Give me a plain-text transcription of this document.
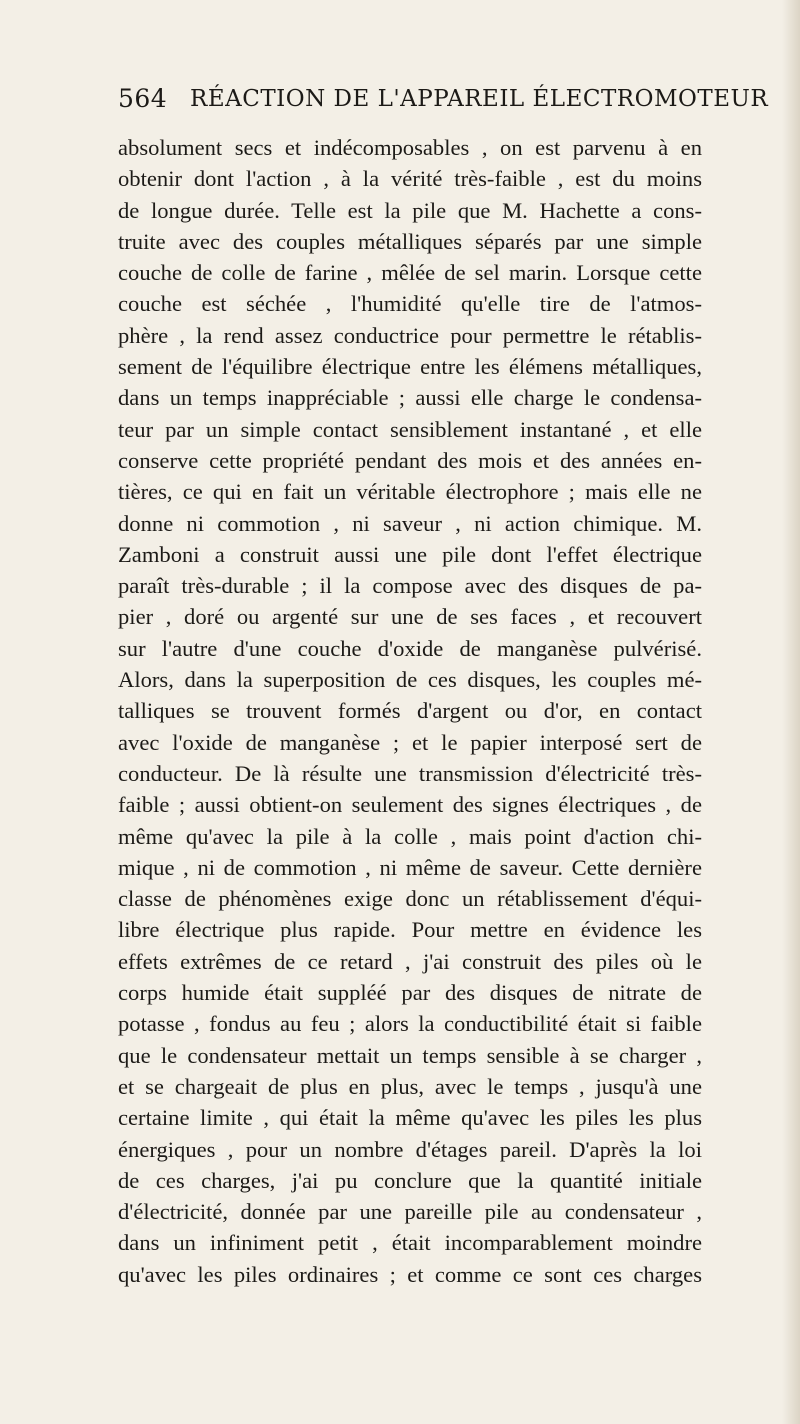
564 RÉACTION DE L'APPAREIL ÉLECTROMOTEUR
absolument secs et indécomposables , on est parvenu à en
obtenir dont l'action , à la vérité très-faible , est du moins
de longue durée. Telle est la pile que M. Hachette a cons-
truite avec des couples métalliques séparés par une simple
couche de colle de farine , mêlée de sel marin. Lorsque cette
couche est séchée , l'humidité qu'elle tire de l'atmos-
phère , la rend assez conductrice pour permettre le rétablis-
sement de l'équilibre électrique entre les élémens métalliques,
dans un temps inappréciable ; aussi elle charge le condensa-
teur par un simple contact sensiblement instantané , et elle
conserve cette propriété pendant des mois et des années en-
tières, ce qui en fait un véritable électrophore ; mais elle ne
donne ni commotion , ni saveur , ni action chimique. M.
Zamboni a construit aussi une pile dont l'effet électrique
paraît très-durable ; il la compose avec des disques de pa-
pier , doré ou argenté sur une de ses faces , et recouvert
sur l'autre d'une couche d'oxide de manganèse pulvérisé.
Alors, dans la superposition de ces disques, les couples mé-
talliques se trouvent formés d'argent ou d'or, en contact
avec l'oxide de manganèse ; et le papier interposé sert de
conducteur. De là résulte une transmission d'électricité très-
faible ; aussi obtient-on seulement des signes électriques , de
même qu'avec la pile à la colle , mais point d'action chi-
mique , ni de commotion , ni même de saveur. Cette dernière
classe de phénomènes exige donc un rétablissement d'équi-
libre électrique plus rapide. Pour mettre en évidence les
effets extrêmes de ce retard , j'ai construit des piles où le
corps humide était suppléé par des disques de nitrate de
potasse , fondus au feu ; alors la conductibilité était si faible
que le condensateur mettait un temps sensible à se charger ,
et se chargeait de plus en plus, avec le temps , jusqu'à une
certaine limite , qui était la même qu'avec les piles les plus
énergiques , pour un nombre d'étages pareil. D'après la loi
de ces charges, j'ai pu conclure que la quantité initiale
d'électricité, donnée par une pareille pile au condensateur ,
dans un infiniment petit , était incomparablement moindre
qu'avec les piles ordinaires ; et comme ce sont ces charges
